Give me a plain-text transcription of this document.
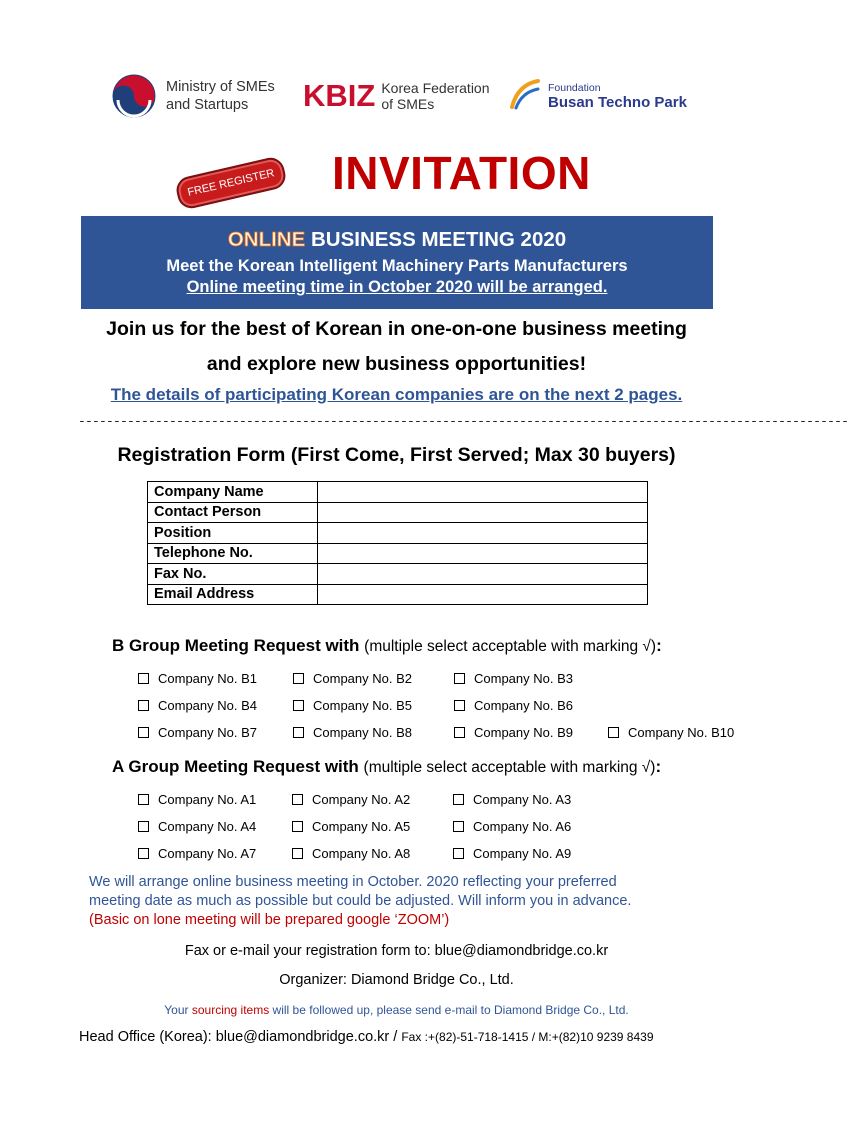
Ministry of SMEs
and Startups	KBIZ Korea Federation
of SMEs
Foundation
Busan Techno Park
FREE REGISTER INVITATION
ONLINE BUSINESS MEETING 2020
Meet the Korean Intelligent Machinery Parts Manufacturers
Online meeting time in October 2020 will be arranged.
Join us for the best of Korean in one-on-one business meeting
and explore new business opportunities!
The details of participating Korean companies are on the next 2 pages.
--------------------------------------------------------------------------------------------------------------
Registration Form (First Come, First Served; Max 30 buyers)
Company Name	
Contact Person	
Position	
Telephone No.	
Fax No.	
Email Address	
B Group Meeting Request with (multiple select acceptable with marking √):
Company No. B1	Company No. B2	Company No. B3
Company No. B4	Company No. B5	Company No. B6
Company No. B7	Company No. B8	Company No. B9	Company No. B10
A Group Meeting Request with (multiple select acceptable with marking √):
Company No. A1	Company No. A2	Company No. A3
Company No. A4	Company No. A5	Company No. A6
Company No. A7	Company No. A8	Company No. A9
We will arrange online business meeting in October. 2020 reflecting your preferred
meeting date as much as possible but could be adjusted. Will inform you in advance.
(Basic on lone meeting will be prepared google ‘ZOOM’)
Fax or e-mail your registration form to: blue@diamondbridge.co.kr
Organizer: Diamond Bridge Co., Ltd.
Your sourcing items will be followed up, please send e-mail to Diamond Bridge Co., Ltd.
Head Office (Korea): blue@diamondbridge.co.kr / Fax :+(82)-51-718-1415 / M:+(82)10 9239 8439
